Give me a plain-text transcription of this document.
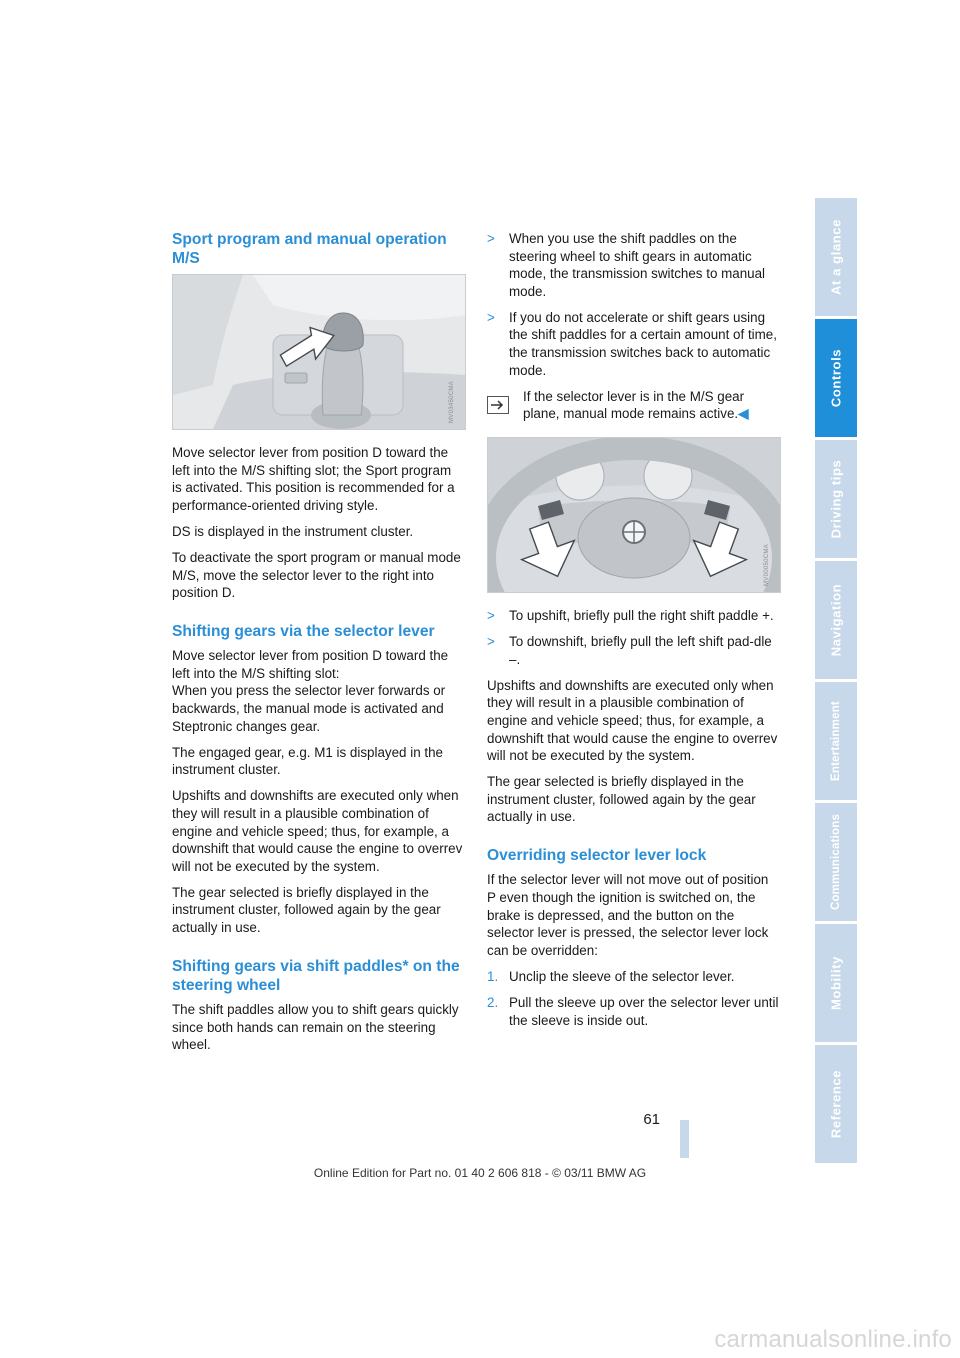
Sport program and manual operation M/S
MV03450CMA

Move selector lever from position D toward the left into the M/S shifting slot; the Sport program is activated. This position is recommended for a performance-oriented driving style.

DS is displayed in the instrument cluster.

To deactivate the sport program or manual mode M/S, move the selector lever to the right into position D.

Shifting gears via the selector lever

Move selector lever from position D toward the left into the M/S shifting slot:

When you press the selector lever forwards or backwards, the manual mode is activated and Steptronic changes gear.

The engaged gear, e.g. M1 is displayed in the instrument cluster.

Upshifts and downshifts are executed only when they will result in a plausible combination of engine and vehicle speed; thus, for example, a downshift that would cause the engine to overrev will not be executed by the system.

The gear selected is briefly displayed in the instrument cluster, followed again by the gear actually in use.

Shifting gears via shift paddles* on the steering wheel

The shift paddles allow you to shift gears quickly since both hands can remain on the steering wheel.

>	When you use the shift paddles on the steering wheel to shift gears in automatic mode, the transmission switches to manual mode.
>	If you do not accelerate or shift gears using the shift paddles for a certain amount of time, the transmission switches back to automatic mode.
If the selector lever is in the M/S gear plane, manual mode remains active.◀
MV00050CMA
>	To upshift, briefly pull the right shift paddle +.
>	To downshift, briefly pull the left shift pad-dle –.

Upshifts and downshifts are executed only when they will result in a plausible combination of engine and vehicle speed; thus, for example, a downshift that would cause the engine to overrev will not be executed by the system.

The gear selected is briefly displayed in the instrument cluster, followed again by the gear actually in use.

Overriding selector lever lock

If the selector lever will not move out of position P even though the ignition is switched on, the brake is depressed, and the button on the selector lever is pressed, the selector lever lock can be overridden:

1. Unclip the sleeve of the selector lever.
2. Pull the sleeve up over the selector lever until the sleeve is inside out.
At a glance
Controls
Driving tips
Navigation
Entertainment
Communications
Mobility
Reference
61
Online Edition for Part no. 01 40 2 606 818 - © 03/11 BMW AG
carmanualsonline.info
